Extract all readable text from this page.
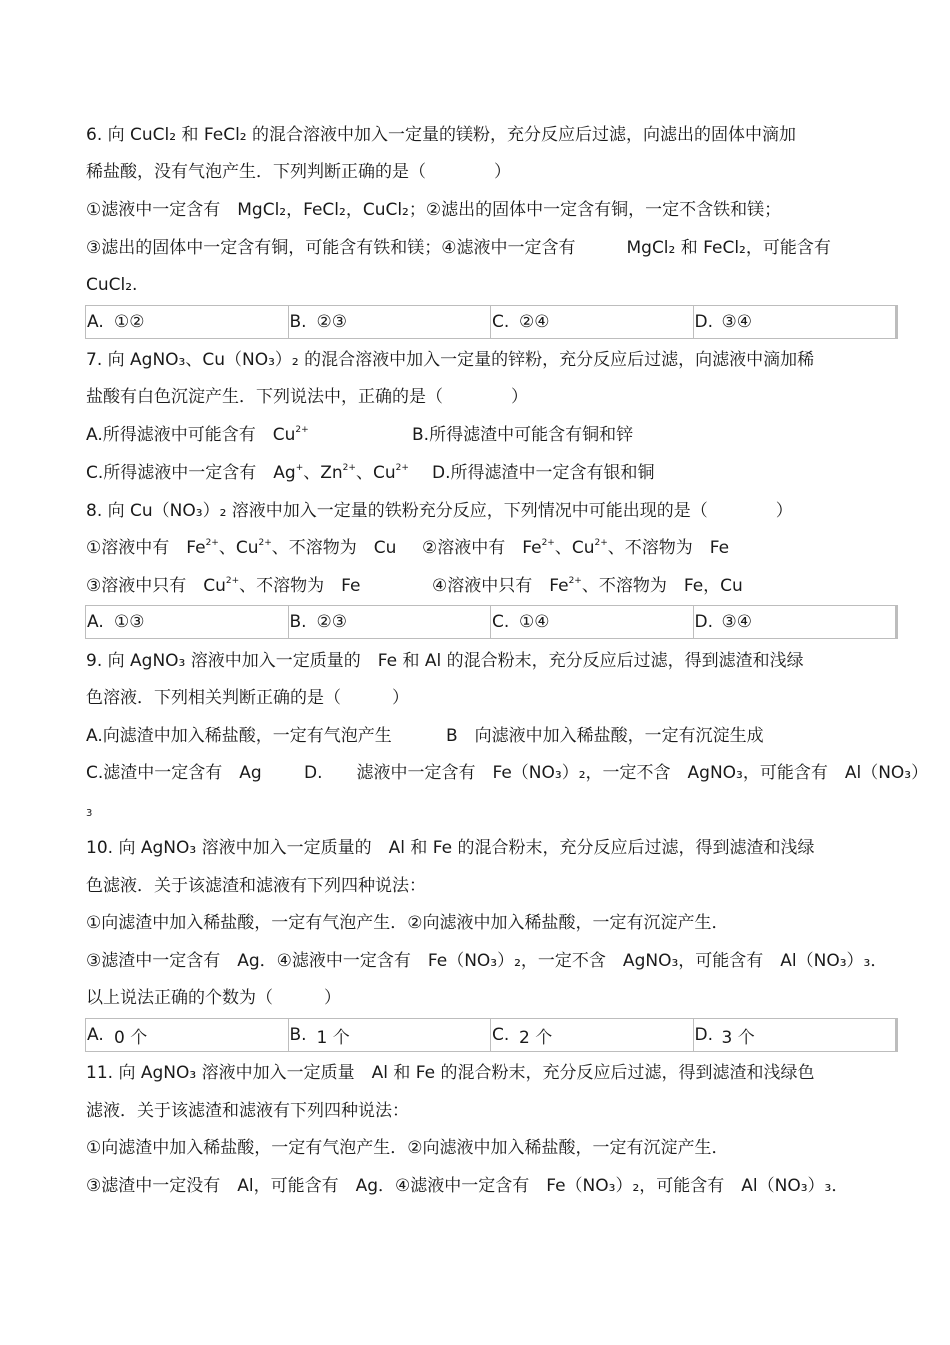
6. 向 CuCl₂ 和 FeCl₂ 的混合溶液中加入一定量的镁粉，充分反应后过滤，向滤出的固体中滴加
稀盐酸，没有气泡产生．下列判断正确的是（　　　　）
①滤液中一定含有　MgCl₂，FeCl₂，CuCl₂；②滤出的固体中一定含有铜，一定不含铁和镁；
③滤出的固体中一定含有铜，可能含有铁和镁；④滤液中一定含有　　　MgCl₂ 和 FeCl₂，可能含有
CuCl₂.
A. ①②	B. ②③	C. ②④	D. ③④
7. 向 AgNO₃、Cu（NO₃）₂ 的混合溶液中加入一定量的锌粉，充分反应后过滤，向滤液中滴加稀
盐酸有白色沉淀产生．下列说法中，正确的是（　　　　）
A.所得滤液中可能含有　$Cu^{2+}$	B.所得滤渣中可能含有铜和锌
C.所得滤液中一定含有　Ag+、$Zn^{2+}$、$Cu^{2+}$ D.所得滤渣中一定含有银和铜
8. 向 Cu（NO₃）₂ 溶液中加入一定量的铁粉充分反应，下列情况中可能出现的是（　　　　）
①溶液中有　$Fe^{2+}$、$Cu^{2+}$、不溶物为　Cu ②溶液中有　$Fe^{2+}$、$Cu^{2+}$、不溶物为　Fe
③溶液中只有　$Cu^{2+}$、不溶物为　Fe	④溶液中只有　$Fe^{2+}$、不溶物为　Fe，Cu
A. ①③	B. ②③	C. ①④	D. ③④
9. 向 AgNO₃ 溶液中加入一定质量的　Fe 和 Al 的混合粉末，充分反应后过滤，得到滤渣和浅绿
色溶液．下列相关判断正确的是（　　　）
A.向滤渣中加入稀盐酸，一定有气泡产生	B　向滤液中加入稀盐酸，一定有沉淀生成
C.滤渣中一定含有　Ag D.　　滤液中一定含有　Fe（NO₃）₂，一定不含　AgNO₃，可能含有　Al（NO₃）
3
10. 向 AgNO₃ 溶液中加入一定质量的　Al 和 Fe 的混合粉末，充分反应后过滤，得到滤渣和浅绿
色滤液．关于该滤渣和滤液有下列四种说法：
①向滤渣中加入稀盐酸，一定有气泡产生．②向滤液中加入稀盐酸，一定有沉淀产生．
③滤渣中一定含有　Ag．④滤液中一定含有　Fe（NO₃）₂，一定不含　AgNO₃，可能含有　Al（NO₃）₃．
以上说法正确的个数为（　　　）
A. 0 个	B. 1 个	C. 2 个	D. 3 个
11. 向 AgNO₃ 溶液中加入一定质量　Al 和 Fe 的混合粉末，充分反应后过滤，得到滤渣和浅绿色
滤液．关于该滤渣和滤液有下列四种说法：
①向滤渣中加入稀盐酸，一定有气泡产生．②向滤液中加入稀盐酸，一定有沉淀产生．
③滤渣中一定没有　Al，可能含有　Ag．④滤液中一定含有　Fe（NO₃）₂，可能含有　Al（NO₃）₃．
